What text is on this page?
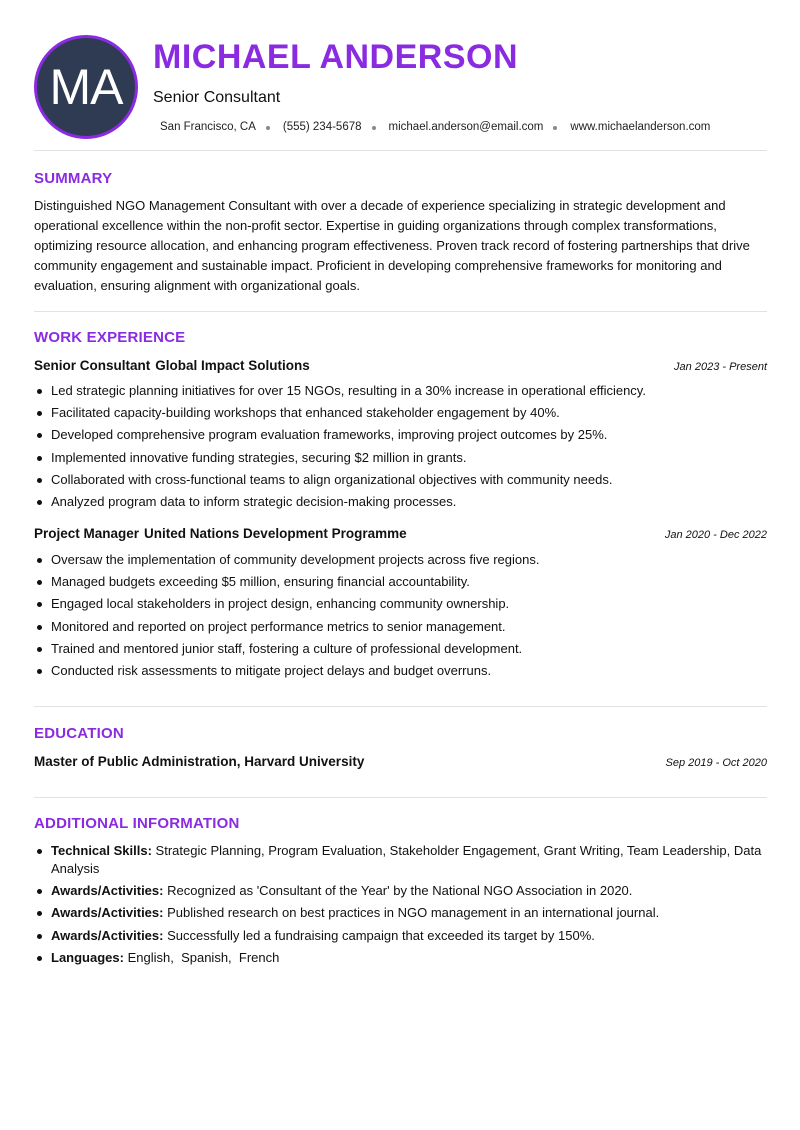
MA
MICHAEL ANDERSON
Senior Consultant
San Francisco, CA (555) 234-5678 michael.anderson@email.com www.michaelanderson.com
SUMMARY
Distinguished NGO Management Consultant with over a decade of experience specializing in strategic development and operational excellence within the non-profit sector. Expertise in guiding organizations through complex transformations, optimizing resource allocation, and enhancing program effectiveness. Proven track record of fostering partnerships that drive community engagement and sustainable impact. Proficient in developing comprehensive frameworks for monitoring and evaluation, ensuring alignment with organizational goals.
WORK EXPERIENCE
Senior Consultant Global Impact Solutions	Jan 2023 - Present
Led strategic planning initiatives for over 15 NGOs, resulting in a 30% increase in operational efficiency.
Facilitated capacity-building workshops that enhanced stakeholder engagement by 40%.
Developed comprehensive program evaluation frameworks, improving project outcomes by 25%.
Implemented innovative funding strategies, securing $2 million in grants.
Collaborated with cross-functional teams to align organizational objectives with community needs.
Analyzed program data to inform strategic decision-making processes.
Project Manager United Nations Development Programme	Jan 2020 - Dec 2022
Oversaw the implementation of community development projects across five regions.
Managed budgets exceeding $5 million, ensuring financial accountability.
Engaged local stakeholders in project design, enhancing community ownership.
Monitored and reported on project performance metrics to senior management.
Trained and mentored junior staff, fostering a culture of professional development.
Conducted risk assessments to mitigate project delays and budget overruns.
EDUCATION
Master of Public Administration, Harvard University	Sep 2019 - Oct 2020
ADDITIONAL INFORMATION
Technical Skills: Strategic Planning, Program Evaluation, Stakeholder Engagement, Grant Writing, Team Leadership, Data Analysis
Awards/Activities: Recognized as 'Consultant of the Year' by the National NGO Association in 2020.
Awards/Activities: Published research on best practices in NGO management in an international journal.
Awards/Activities: Successfully led a fundraising campaign that exceeded its target by 150%.
Languages: English,  Spanish,  French
